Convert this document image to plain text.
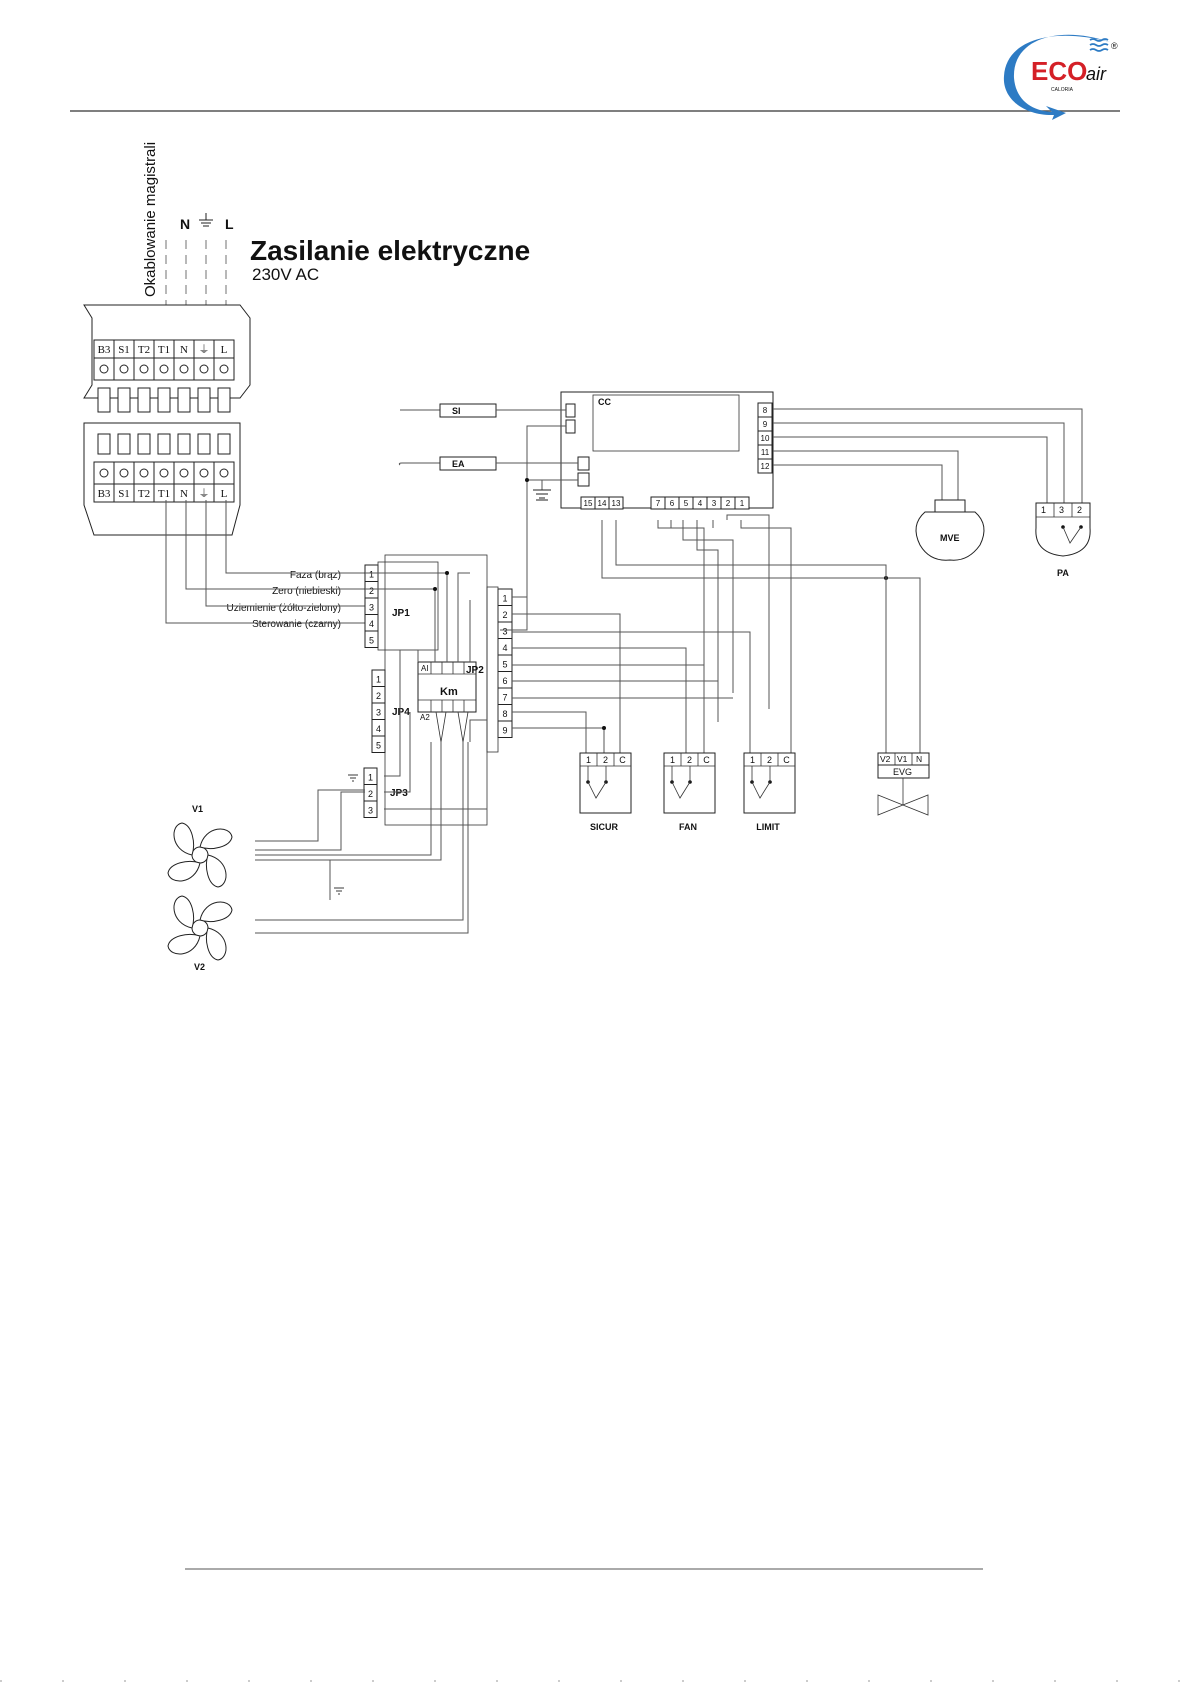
ECO
air
CALORIA
®
Zasilanie elektryczne
230V AC
Okablowanie magistrali N L
B3
B3
S1
S1
T2
T2
T1
T1
N
N
⏚
⏚
L
L
Faza (brąz)
Zero (niebieski)
Uziemienie (żółto-zielony)
Sterowanie (czarny)
1
2
3
4
5
JP1
1
2
3
4
5
JP4
1
2
3
JP3
Km
AI
A2
JP2
1
2
3
4
5
6
7
8
9
CC
8
9
10
11
12
15 14 13	7 6 5 4 3 2 1
SI
EA
MVE
1 3 2
PA
1 2 C
SICUR
1 2 C
FAN
1 2 C
LIMIT
V2 V1 N
EVG
V1
V2
